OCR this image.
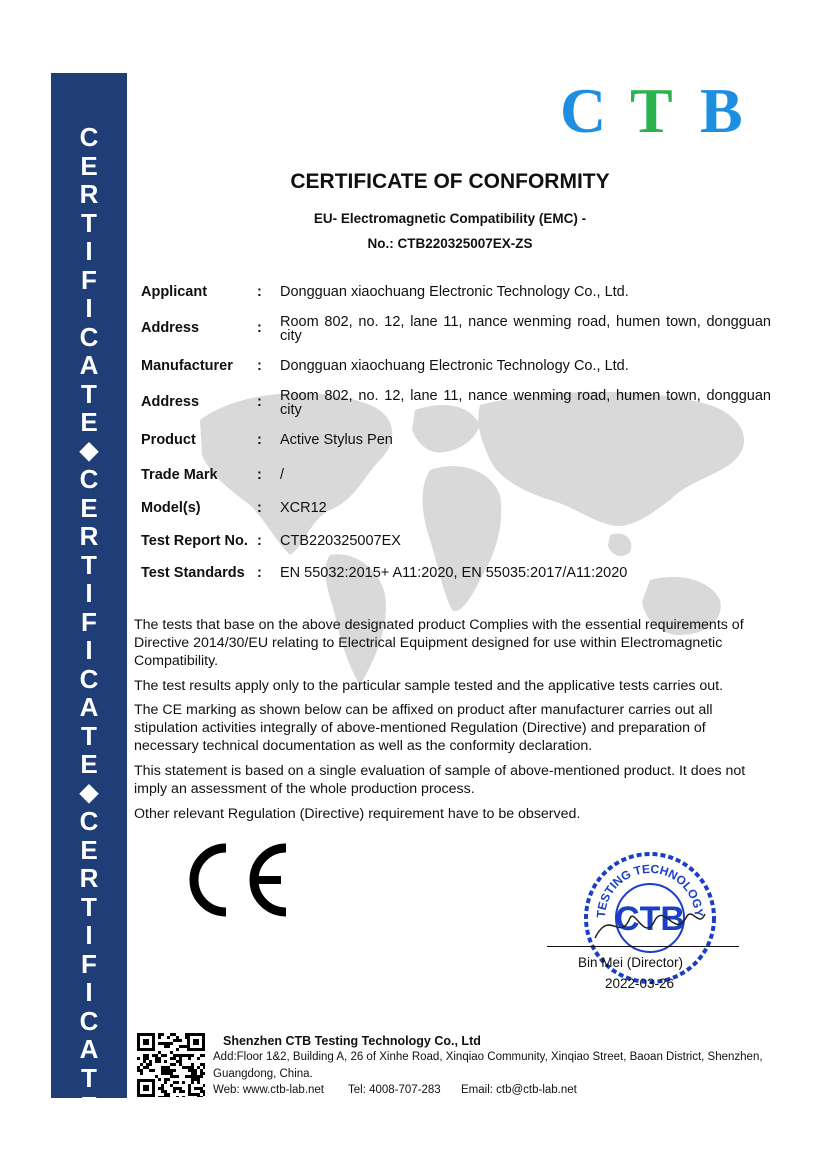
C
E
R
T
I
F
I
C
A
T
E
◆
C
E
R
T
I
F
I
C
A
T
E
◆
C
E
R
T
I
F
I
C
A
T
E
C T B
CERTIFICATE OF CONFORMITY
EU- Electromagnetic Compatibility (EMC) -
No.: CTB220325007EX-ZS
Applicant	: Dongguan xiaochuang Electronic Technology Co., Ltd.
Address	: Room 802, no. 12, lane 11, nance wenming road, humen town, dongguan city
Manufacturer : Dongguan xiaochuang Electronic Technology Co., Ltd.
Address	: Room 802, no. 12, lane 11, nance wenming road, humen town, dongguan city
Product	: Active Stylus Pen
Trade Mark	: /
Model(s)	: XCR12
Test Report No. : CTB220325007EX
Test Standards : EN 55032:2015+ A11:2020, EN 55035:2017/A11:2020
The tests that base on the above designated product Complies with the essential requirements of Directive 2014/30/EU relating to Electrical Equipment designed for use within Electromagnetic Compatibility.
The test results apply only to the particular sample tested and the applicative tests carries out.
The CE marking as shown below can be affixed on product after manufacturer carries out all stipulation activities integrally of above-mentioned Regulation (Directive) and preparation of necessary technical documentation as well as the conformity declaration.
This statement is based on a single evaluation of sample of above-mentioned product. It does not imply an assessment of the whole production process.
Other relevant Regulation (Directive) requirement have to be observed.
TESTING TECHNOLOGY
CTB
Bin Mei (Director)
2022-03-26
Shenzhen CTB Testing Technology Co., Ltd
Add:Floor 1&2, Building A, 26 of Xinhe Road, Xinqiao Community, Xinqiao Street, Baoan District, Shenzhen,
Guangdong, China.
Web: www.ctb-lab.net Tel: 4008-707-283 Email: ctb@ctb-lab.net
